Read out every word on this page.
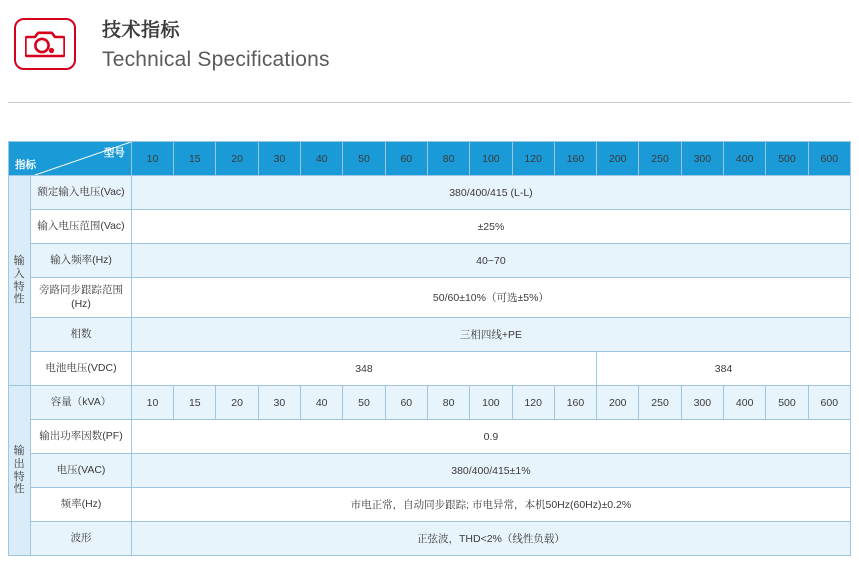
技术指标
Technical Specifications
型号
指标		10	15	20	30	40	50	60	80	100	120	160	200	250	300	400	500	600
输入特性	额定输入电压(Vac)	380/400/415 (L-L)																
	输入电压范围(Vac)	±25%																
	输入频率(Hz)	40~70																
	旁路同步跟踪范围(Hz)	50/60±10%（可选±5%）																
	相数	三相四线+PE																
	电池电压(VDC)	348											384					
输出特性	容量（kVA）	10	15	20	30	40	50	60	80	100	120	160	200	250	300	400	500	600
	输出功率因数(PF)	0.9																
	电压(VAC)	380/400/415±1%																
	频率(Hz)	市电正常，自动同步跟踪; 市电异常，本机50Hz(60Hz)±0.2%																
	波形	正弦波，THD<2%（线性负载）																
